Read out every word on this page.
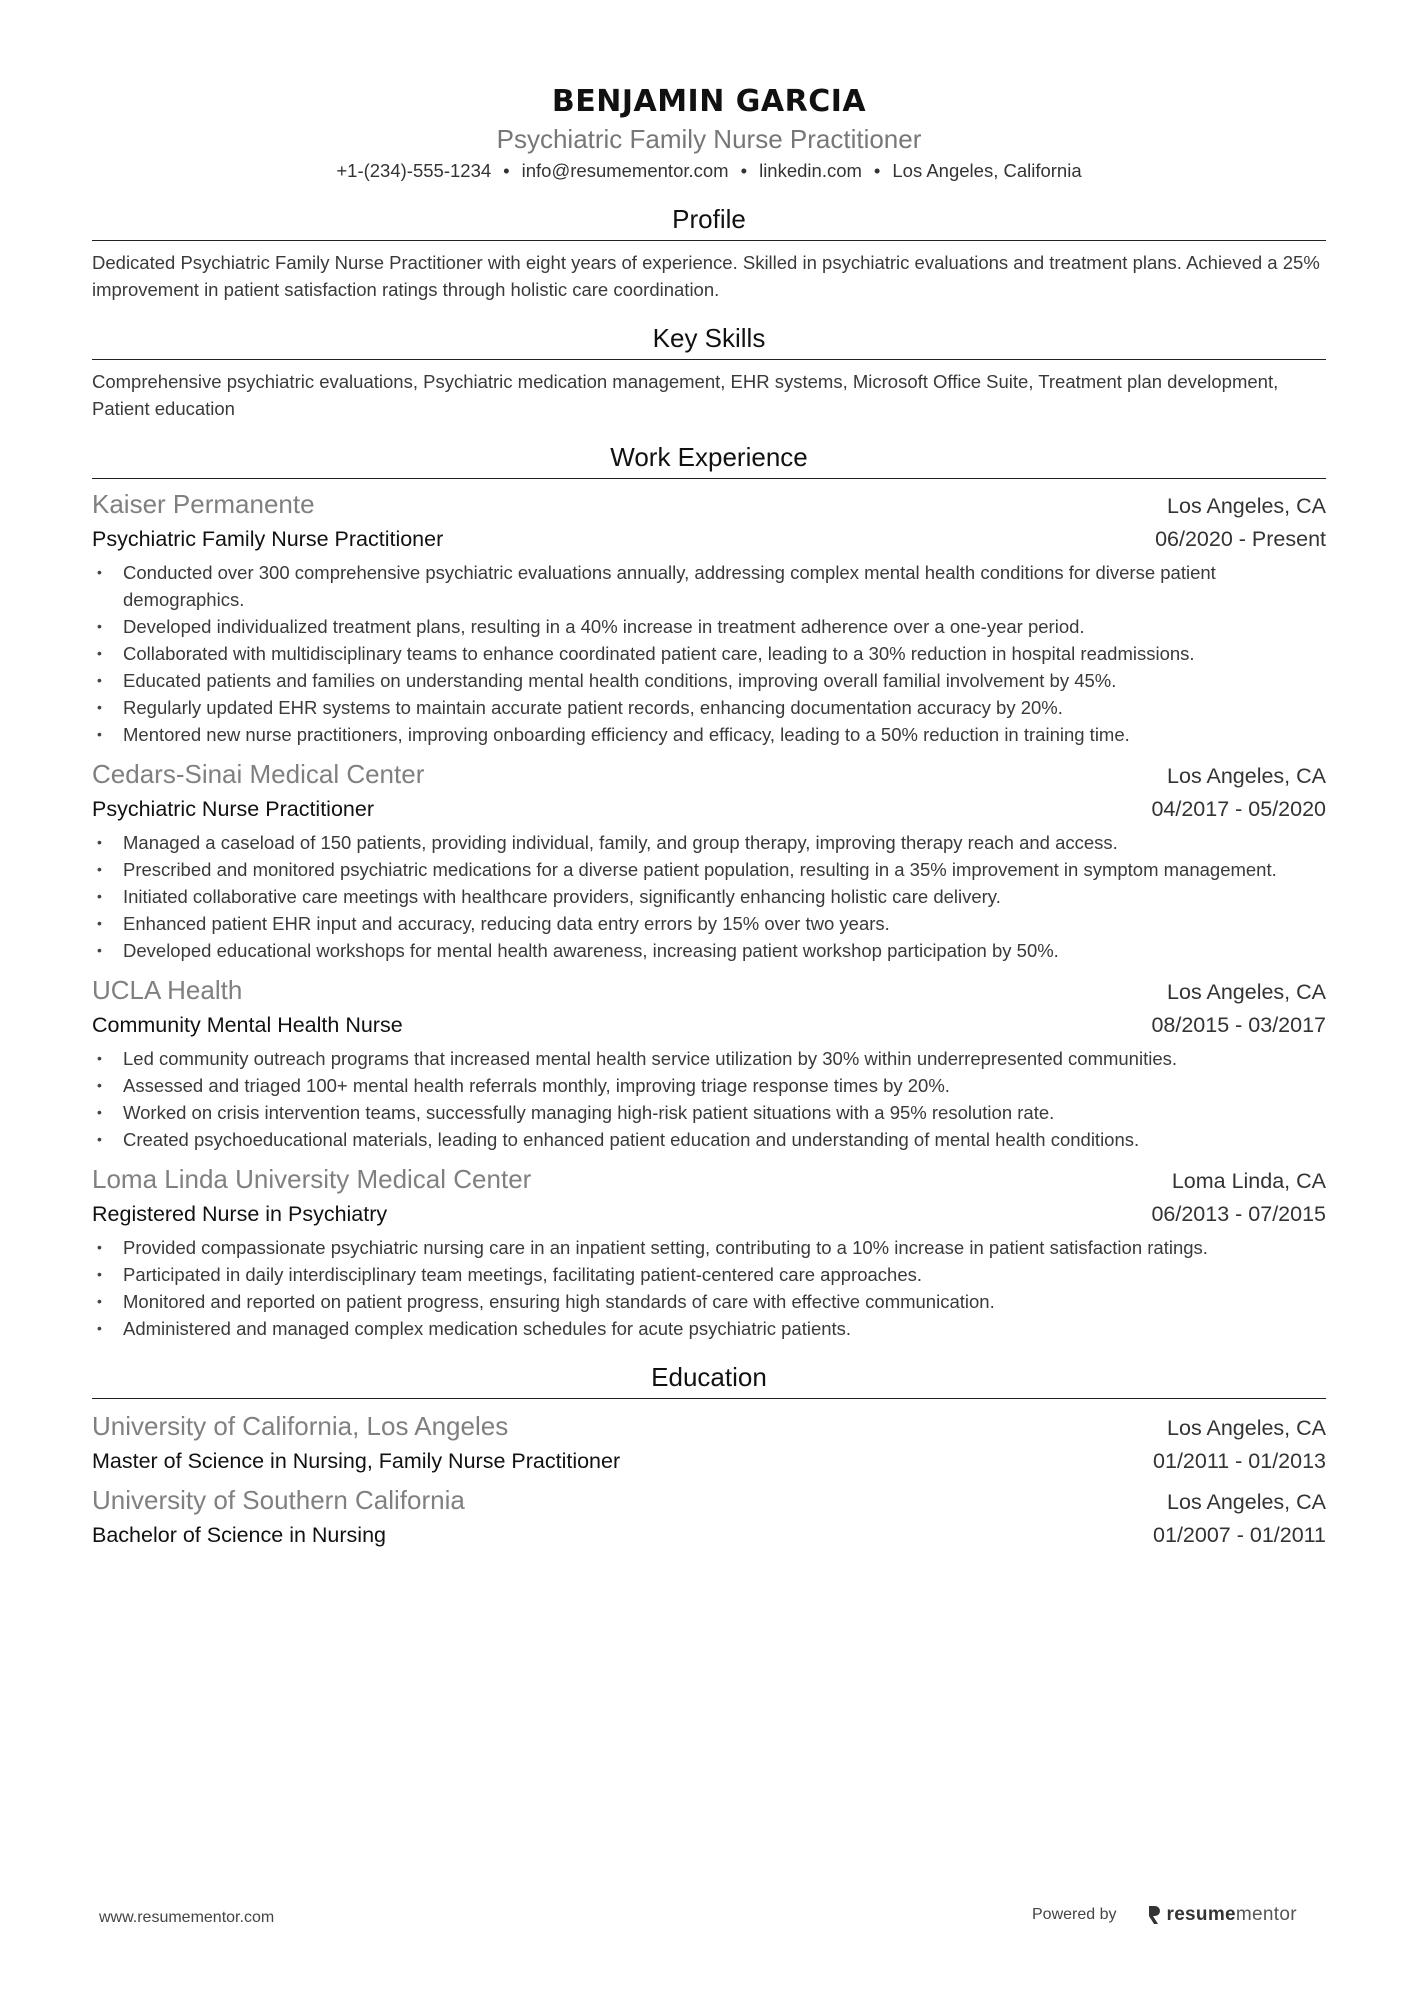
BENJAMIN GARCIA
Psychiatric Family Nurse Practitioner
+1-(234)-555-1234 • info@resumementor.com • linkedin.com • Los Angeles, California
Profile
Dedicated Psychiatric Family Nurse Practitioner with eight years of experience. Skilled in psychiatric evaluations and treatment plans. Achieved a 25% improvement in patient satisfaction ratings through holistic care coordination.
Key Skills
Comprehensive psychiatric evaluations, Psychiatric medication management, EHR systems, Microsoft Office Suite, Treatment plan development, Patient education
Work Experience
Kaiser Permanente	Los Angeles, CA
Psychiatric Family Nurse Practitioner	06/2020 - Present
• Conducted over 300 comprehensive psychiatric evaluations annually, addressing complex mental health conditions for diverse patient demographics.
• Developed individualized treatment plans, resulting in a 40% increase in treatment adherence over a one-year period.
• Collaborated with multidisciplinary teams to enhance coordinated patient care, leading to a 30% reduction in hospital readmissions.
• Educated patients and families on understanding mental health conditions, improving overall familial involvement by 45%.
• Regularly updated EHR systems to maintain accurate patient records, enhancing documentation accuracy by 20%.
• Mentored new nurse practitioners, improving onboarding efficiency and efficacy, leading to a 50% reduction in training time.
Cedars-Sinai Medical Center	Los Angeles, CA
Psychiatric Nurse Practitioner	04/2017 - 05/2020
• Managed a caseload of 150 patients, providing individual, family, and group therapy, improving therapy reach and access.
• Prescribed and monitored psychiatric medications for a diverse patient population, resulting in a 35% improvement in symptom management.
• Initiated collaborative care meetings with healthcare providers, significantly enhancing holistic care delivery.
• Enhanced patient EHR input and accuracy, reducing data entry errors by 15% over two years.
• Developed educational workshops for mental health awareness, increasing patient workshop participation by 50%.
UCLA Health	Los Angeles, CA
Community Mental Health Nurse	08/2015 - 03/2017
• Led community outreach programs that increased mental health service utilization by 30% within underrepresented communities.
• Assessed and triaged 100+ mental health referrals monthly, improving triage response times by 20%.
• Worked on crisis intervention teams, successfully managing high-risk patient situations with a 95% resolution rate.
• Created psychoeducational materials, leading to enhanced patient education and understanding of mental health conditions.
Loma Linda University Medical Center	Loma Linda, CA
Registered Nurse in Psychiatry	06/2013 - 07/2015
• Provided compassionate psychiatric nursing care in an inpatient setting, contributing to a 10% increase in patient satisfaction ratings.
• Participated in daily interdisciplinary team meetings, facilitating patient-centered care approaches.
• Monitored and reported on patient progress, ensuring high standards of care with effective communication.
• Administered and managed complex medication schedules for acute psychiatric patients.
Education
University of California, Los Angeles	Los Angeles, CA
Master of Science in Nursing, Family Nurse Practitioner	01/2011 - 01/2013
University of Southern California	Los Angeles, CA
Bachelor of Science in Nursing	01/2007 - 01/2011
www.resumementor.com	Powered by	resumementor
